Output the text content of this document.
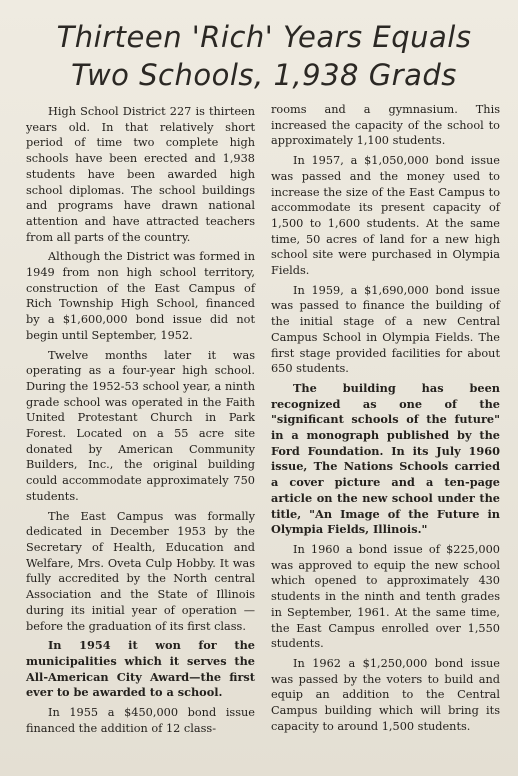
Thirteen 'Rich' Years Equals
Two Schools, 1,938 Grads

High School District 227 is thirteen years old. In that relatively short period of time two complete high schools have been erected and 1,938 students have been awarded high school diplomas. The school buildings and programs have drawn national attention and have attracted teachers from all parts of the country.

Although the District was formed in 1949 from non high school territory, construction of the East Campus of Rich Township High School, financed by a $1,600,000 bond issue did not begin until September, 1952.

Twelve months later it was operating as a four-year high school. During the 1952-53 school year, a ninth grade school was operated in the Faith United Protestant Church in Park Forest. Located on a 55 acre site donated by American Community Builders, Inc., the original building could accommodate approximately 750 students.

The East Campus was formally dedicated in December 1953 by the Secretary of Health, Education and Welfare, Mrs. Oveta Culp Hobby. It was fully accredited by the North central Association and the State of Illinois during its initial year of operation — before the graduation of its first class.

In 1954 it won for the municipalities which it serves the All-American City Award—the first ever to be awarded to a school.

In 1955 a $450,000 bond issue financed the addition of 12 class-

rooms and a gymnasium. This increased the capacity of the school to approximately 1,100 students.

In 1957, a $1,050,000 bond issue was passed and the money used to increase the size of the East Campus to accommodate its present capacity of 1,500 to 1,600 students. At the same time, 50 acres of land for a new high school site were purchased in Olympia Fields.

In 1959, a $1,690,000 bond issue was passed to finance the building of the initial stage of a new Central Campus School in Olympia Fields. The first stage provided facilities for about 650 students.

The building has been recognized as one of the "significant schools of the future" in a monograph published by the Ford Foundation. In its July 1960 issue, The Nations Schools carried a cover picture and a ten-page article on the new school under the title, "An Image of the Future in Olympia Fields, Illinois."

In 1960 a bond issue of $225,000 was approved to equip the new school which opened to approximately 430 students in the ninth and tenth grades in September, 1961. At the same time, the East Campus enrolled over 1,550 students.

In 1962 a $1,250,000 bond issue was passed by the voters to build and equip an addition to the Central Campus building which will bring its capacity to around 1,500 students.
